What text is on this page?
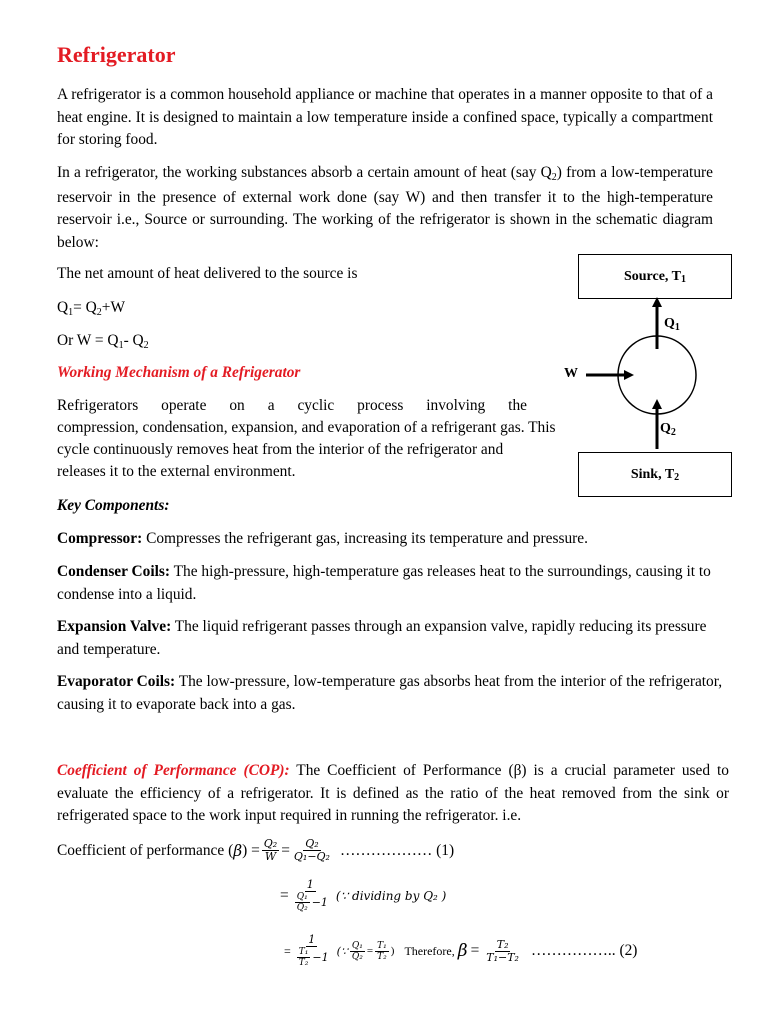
Refrigerator

A refrigerator is a common household appliance or machine that operates in a manner opposite to that of a heat engine. It is designed to maintain a low temperature inside a confined space, typically a compartment for storing food.

In a refrigerator, the working substances absorb a certain amount of heat (say $Q_2$) from a low-temperature reservoir in the presence of external work done (say W) and then transfer it to the high-temperature reservoir i.e., Source or surrounding. The working of the refrigerator is shown in the schematic diagram below:

The net amount of heat delivered to the source is

$Q_1= Q_2+W$

Or $W = Q_1-$ $Q_2$

Working Mechanism of a Refrigerator

Refrigerators operate on a cyclic process involving the

compression, condensation, expansion, and evaporation of a refrigerant gas. This

cycle continuously removes heat from the interior of the refrigerator and

releases it to the external environment.

Source, $T_1$
Sink, $T_2$
$Q_1$
$Q_2$
W

Key Components:

Compressor: Compresses the refrigerant gas, increasing its temperature and pressure.

Condenser Coils: The high-pressure, high-temperature gas releases heat to the surroundings, causing it to condense into a liquid.

Expansion Valve: The liquid refrigerant passes through an expansion valve, rapidly reducing its pressure and temperature.

Evaporator Coils: The low-pressure, low-temperature gas absorbs heat from the interior of the refrigerator, causing it to evaporate back into a gas.

Coefficient of Performance (COP): The Coefficient of Performance (β) is a crucial parameter used to evaluate the efficiency of a refrigerator. It is defined as the ratio of the heat removed from the sink or refrigerated space to the work input required in running the refrigerator. i.e.

Coefficient of performance ( β ) = $\frac{\text{Q₂}}{W} = \frac{\text{Q₂}}{\text{Q₁−Q₂}}$ ……………… (1)
= $\frac{1}{\frac{\text{Q₁}}{\text{Q₂}} -1}$ (∵ dividing by Q₂ )
= $\frac{1}{\frac{\text{T₁}}{\text{T₂}} -1}$ (∵ $\frac{\text{Q₁}}{\text{Q₂}} = \frac{\text{T₁}}{\text{T₂}}$ ) Therefore, $\beta = \frac{\text{T₂}}{\text{T₁−T₂}}$ …………….. (2)
